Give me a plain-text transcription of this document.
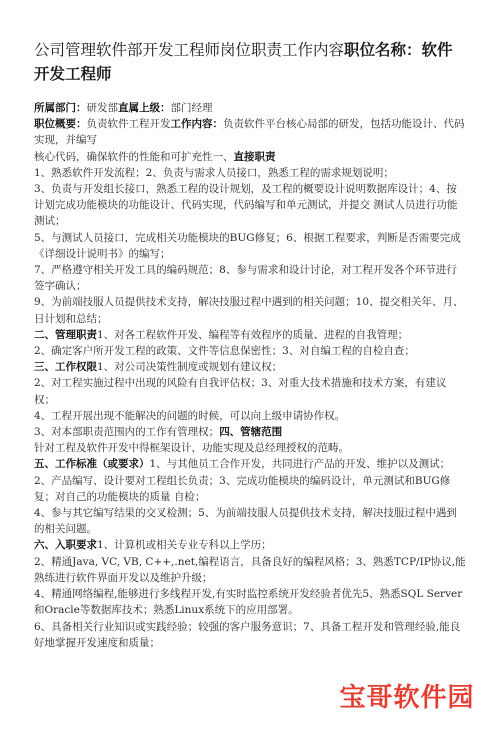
公司管理软件部开发工程师岗位职责工作内容职位名称：软件开发工程师

所属部门：研发部直属上级：部门经理

职位概要：负责软件工程开发工作内容：负责软件平台核心局部的研发，包括功能设计、代码实现，并编写

核心代码，确保软件的性能和可扩充性一、直接职责

1、熟悉软件开发流程；2、负责与需求人员接口，熟悉工程的需求规划说明；

3、负责与开发组长接口，熟悉工程的设计规划，及工程的概要设计说明数据库设计；4、按计划完成功能模块的功能设计、代码实现，代码编写和单元测试，并提交 测试人员进行功能测试；

5、与测试人员接口，完成相关功能模块的BUG修复；6、根据工程要求，判断是否需要完成《详细设计说明书》的编写；

7、严格遵守相关开发工具的编码规范；8、参与需求和设计讨论，对工程开发各个环节进行签字确认；

9、为前端技服人员提供技术支持，解决技服过程中遇到的相关问题；10、提交相关年、月、日计划和总结；

二、管理职责1、对各工程软件开发、编程等有效程序的质量、进程的自我管理；

2、确定客户所开发工程的政策、文件等信息保密性；3、对自编工程的自检自查；

三、工作权限1、对公司决策性制度或规划有建议权；

2、对工程实施过程中出现的风险有自我评估权；3、对重大技术措施和技术方案，有建议权；

4、工程开展出现不能解决的问题的时候，可以向上级申请协作权。

3、对本部职责范围内的工作有管理权；四、管辖范围

针对工程及软件开发中得框架设计，功能实现及总经理授权的范畴。

五、工作标准（或要求）1、与其他员工合作开发，共同进行产品的开发、维护以及测试；

2、产品编写、设计要对工程组长负责；3、完成功能模块的编码设计，单元测试和BUG修复；对自己的功能模块的质量 自检；

4、参与其它编写结果的交叉检测；5、为前端技服人员提供技术支持，解决技服过程中遇到的相关问题。

六、入职要求1、计算机或相关专业专科以上学历；

2、精通Java, VC, VB, C++,.net,编程语言，具备良好的编程风格；3、熟悉TCP/IP协议,能熟练进行软件界面开发以及维护升级；

4、精通网络编程,能够进行多线程开发,有实时监控系统开发经验者优先5、熟悉SQL Server和Oracle等数据库技术；熟悉Linux系统下的应用部署。

6、具备相关行业知识或实践经验；较强的客户服务意识；7、具备工程开发和管理经验,能良好地掌握开发速度和质量；

宝哥软件园
